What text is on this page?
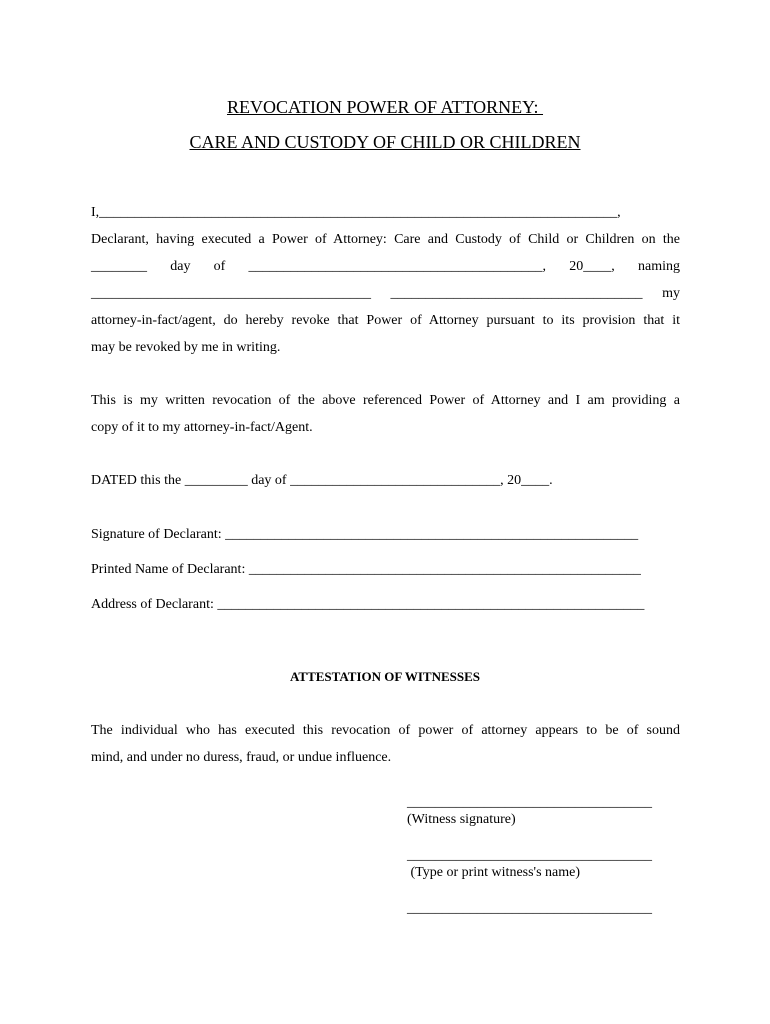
REVOCATION POWER OF ATTORNEY:
CARE AND CUSTODY OF CHILD OR CHILDREN
I,__________________________________________________________________________,
Declarant, having executed a Power of Attorney: Care and Custody of Child or Children on the
________ day of __________________________________________, 20____, naming
________________________________________ ____________________________________ my
attorney-in-fact/agent, do hereby revoke that Power of Attorney pursuant to its provision that it
may be revoked by me in writing.
This is my written revocation of the above referenced Power of Attorney and I am providing a
copy of it to my attorney-in-fact/Agent.
DATED this the _________ day of ______________________________, 20____.
Signature of Declarant: ___________________________________________________________
Printed Name of Declarant: ________________________________________________________
Address of Declarant: _____________________________________________________________
ATTESTATION OF WITNESSES
The individual who has executed this revocation of power of attorney appears to be of sound
mind, and under no duress, fraud, or undue influence.
___________________________________
(Witness signature)
___________________________________
(Type or print witness's name)
___________________________________
